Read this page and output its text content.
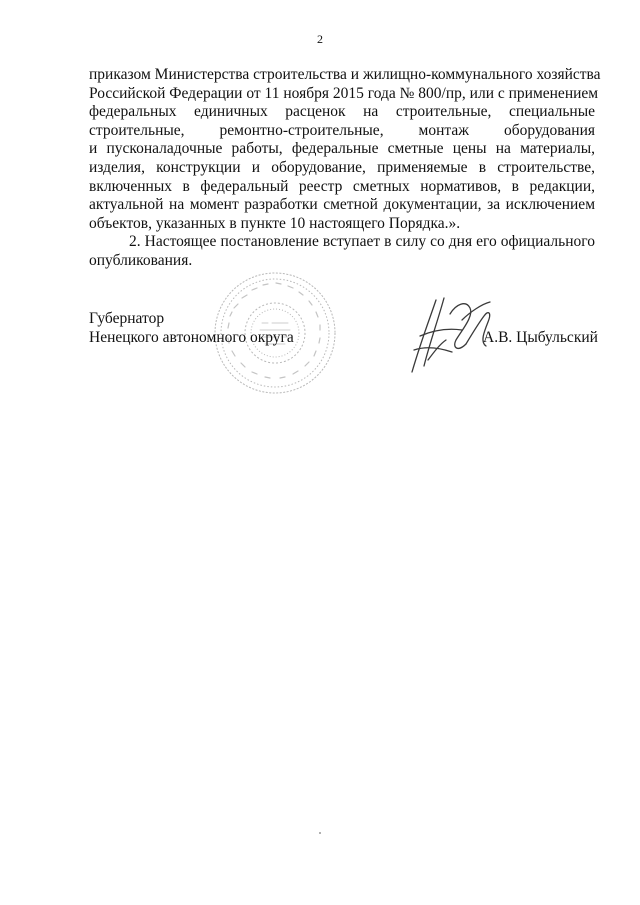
2
приказом Министерства строительства и жилищно-коммунального хозяйства
Российской Федерации от 11 ноября 2015 года № 800/пр, или с применением
федеральных единичных расценок на строительные, специальные
строительные, ремонтно-строительные, монтаж оборудования
и пусконаладочные работы, федеральные сметные цены на материалы,
изделия, конструкции и оборудование, применяемые в строительстве,
включенных в федеральный реестр сметных нормативов, в редакции,
актуальной на момент разработки сметной документации, за исключением
объектов, указанных в пункте 10 настоящего Порядка.».
2. Настоящее постановление вступает в силу со дня его официального
опубликования.
Губернатор
Ненецкого автономного округа	А.В. Цыбульский
